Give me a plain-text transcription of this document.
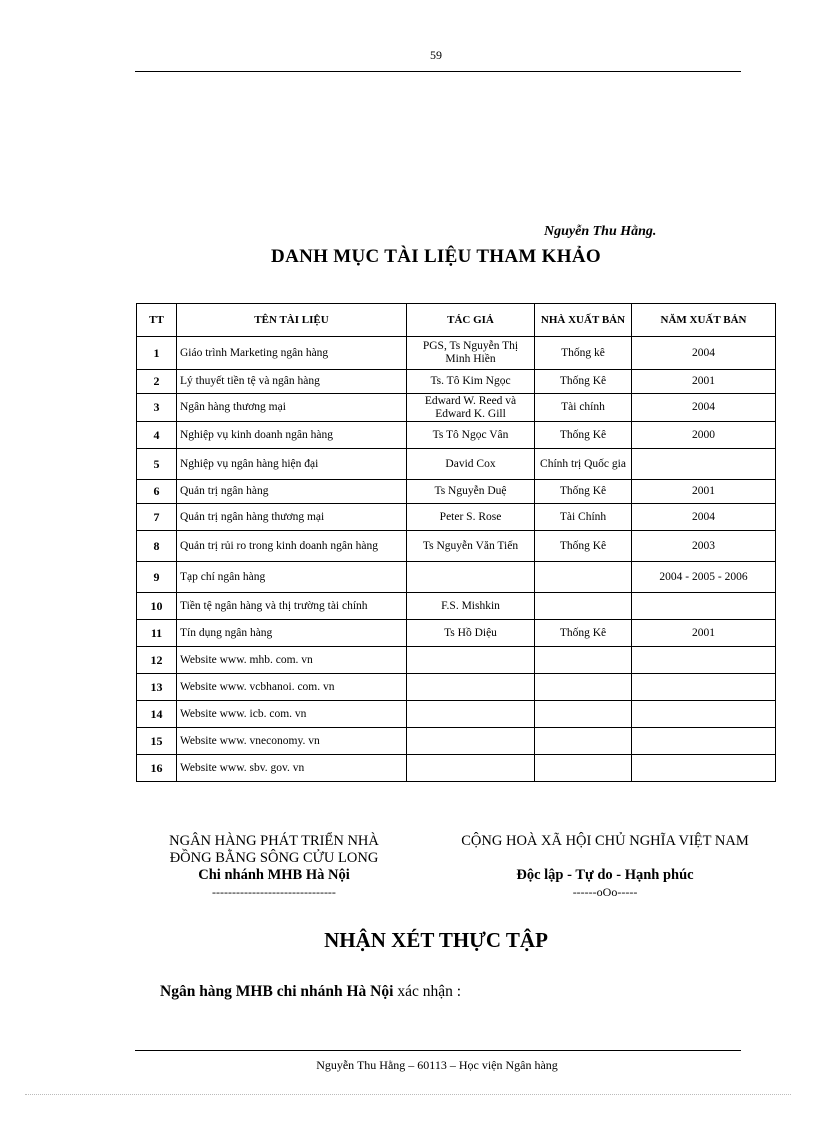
59
Nguyễn Thu Hằng.
DANH MỤC TÀI LIỆU THAM KHẢO
TT	TÊN TÀI LIỆU	TÁC GIẢ	NHÀ XUẤT BẢN	NĂM XUẤT BẢN
1	Giáo trình Marketing ngân hàng	PGS, Ts Nguyễn Thị Minh Hiền	Thống kê	2004
2	Lý thuyết tiền tệ và ngân hàng	Ts. Tô Kim Ngọc	Thống Kê	2001
3	Ngân hàng thương mại	Edward W. Reed và Edward K. Gill	Tài chính	2004
4	Nghiệp vụ kinh doanh ngân hàng	Ts Tô Ngọc Vân	Thống Kê	2000
5	Nghiệp vụ ngân hàng hiện đại	David Cox	Chính trị Quốc gia	
6	Quản trị ngân hàng	Ts Nguyễn Duệ	Thống Kê	2001
7	Quản trị ngân hàng thương mại	Peter S. Rose	Tài Chính	2004
8	Quản trị rủi ro trong kinh doanh ngân hàng	Ts Nguyễn Văn Tiến	Thống Kê	2003
9	Tạp chí ngân hàng			2004 - 2005 - 2006
10	Tiền tệ ngân hàng và thị trường tài chính	F.S. Mishkin		
11	Tín dụng ngân hàng	Ts Hồ Diệu	Thống Kê	2001
12	Website www. mhb. com. vn			
13	Website www. vcbhanoi. com. vn			
14	Website www. icb. com. vn			
15	Website www. vneconomy. vn			
16	Website www. sbv. gov. vn			
NGÂN HÀNG PHÁT TRIỂN NHÀ
ĐỒNG BẰNG SÔNG CỬU LONG
Chi nhánh MHB Hà Nội
-------------------------------
CỘNG HOÀ XÃ HỘI CHỦ NGHĨA VIỆT NAM
Độc lập - Tự do - Hạnh phúc
------oOo-----
NHẬN XÉT THỰC TẬP
Ngân hàng MHB chi nhánh Hà Nội xác nhận :
Nguyễn Thu Hằng – 60113 – Học viện Ngân hàng
